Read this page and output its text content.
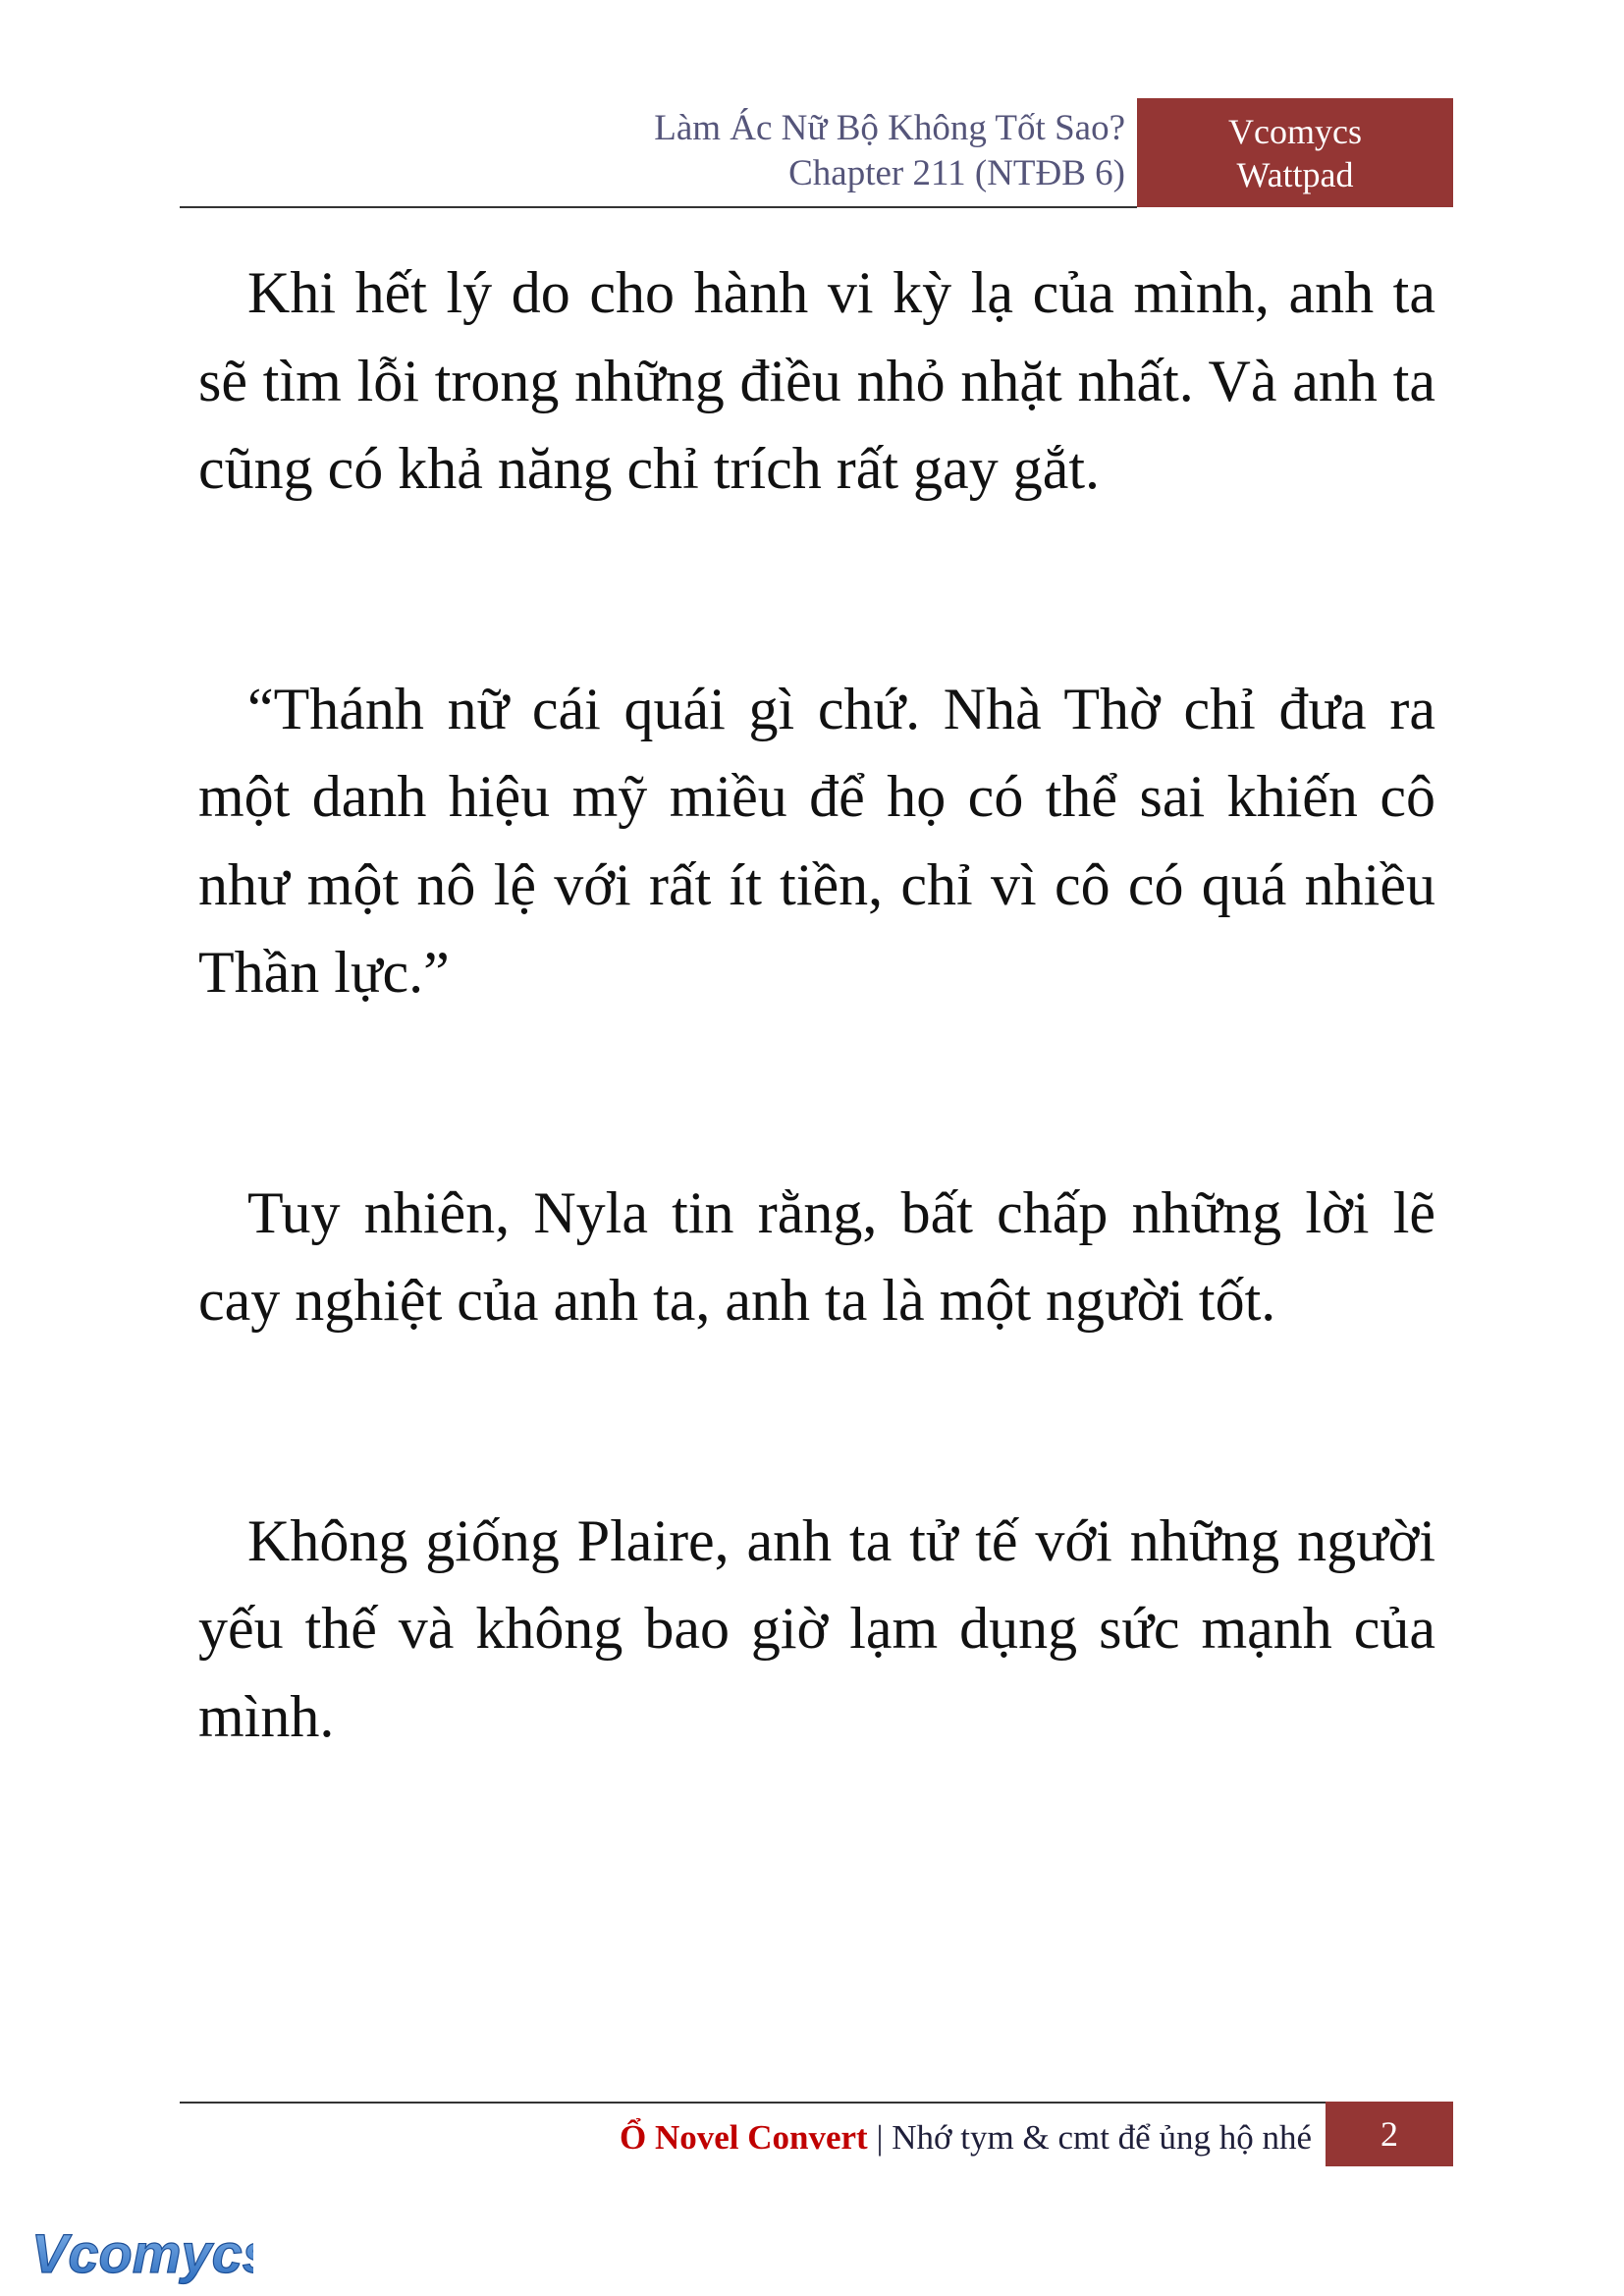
Làm Ác Nữ Bộ Không Tốt Sao?
Chapter 211 (NTĐB 6)
Vcomycs
Wattpad

Khi hết lý do cho hành vi kỳ lạ của mình, anh ta sẽ tìm lỗi trong những điều nhỏ nhặt nhất. Và anh ta cũng có khả năng chỉ trích rất gay gắt.

“Thánh nữ cái quái gì chứ. Nhà Thờ chỉ đưa ra một danh hiệu mỹ miều để họ có thể sai khiến cô như một nô lệ với rất ít tiền, chỉ vì cô có quá nhiều Thần lực.”

Tuy nhiên, Nyla tin rằng, bất chấp những lời lẽ cay nghiệt của anh ta, anh ta là một người tốt.

Không giống Plaire, anh ta tử tế với những người yếu thế và không bao giờ lạm dụng sức mạnh của mình.

Ổ Novel Convert | Nhớ tym & cmt để ủng hộ nhé	2
Vcomycs
